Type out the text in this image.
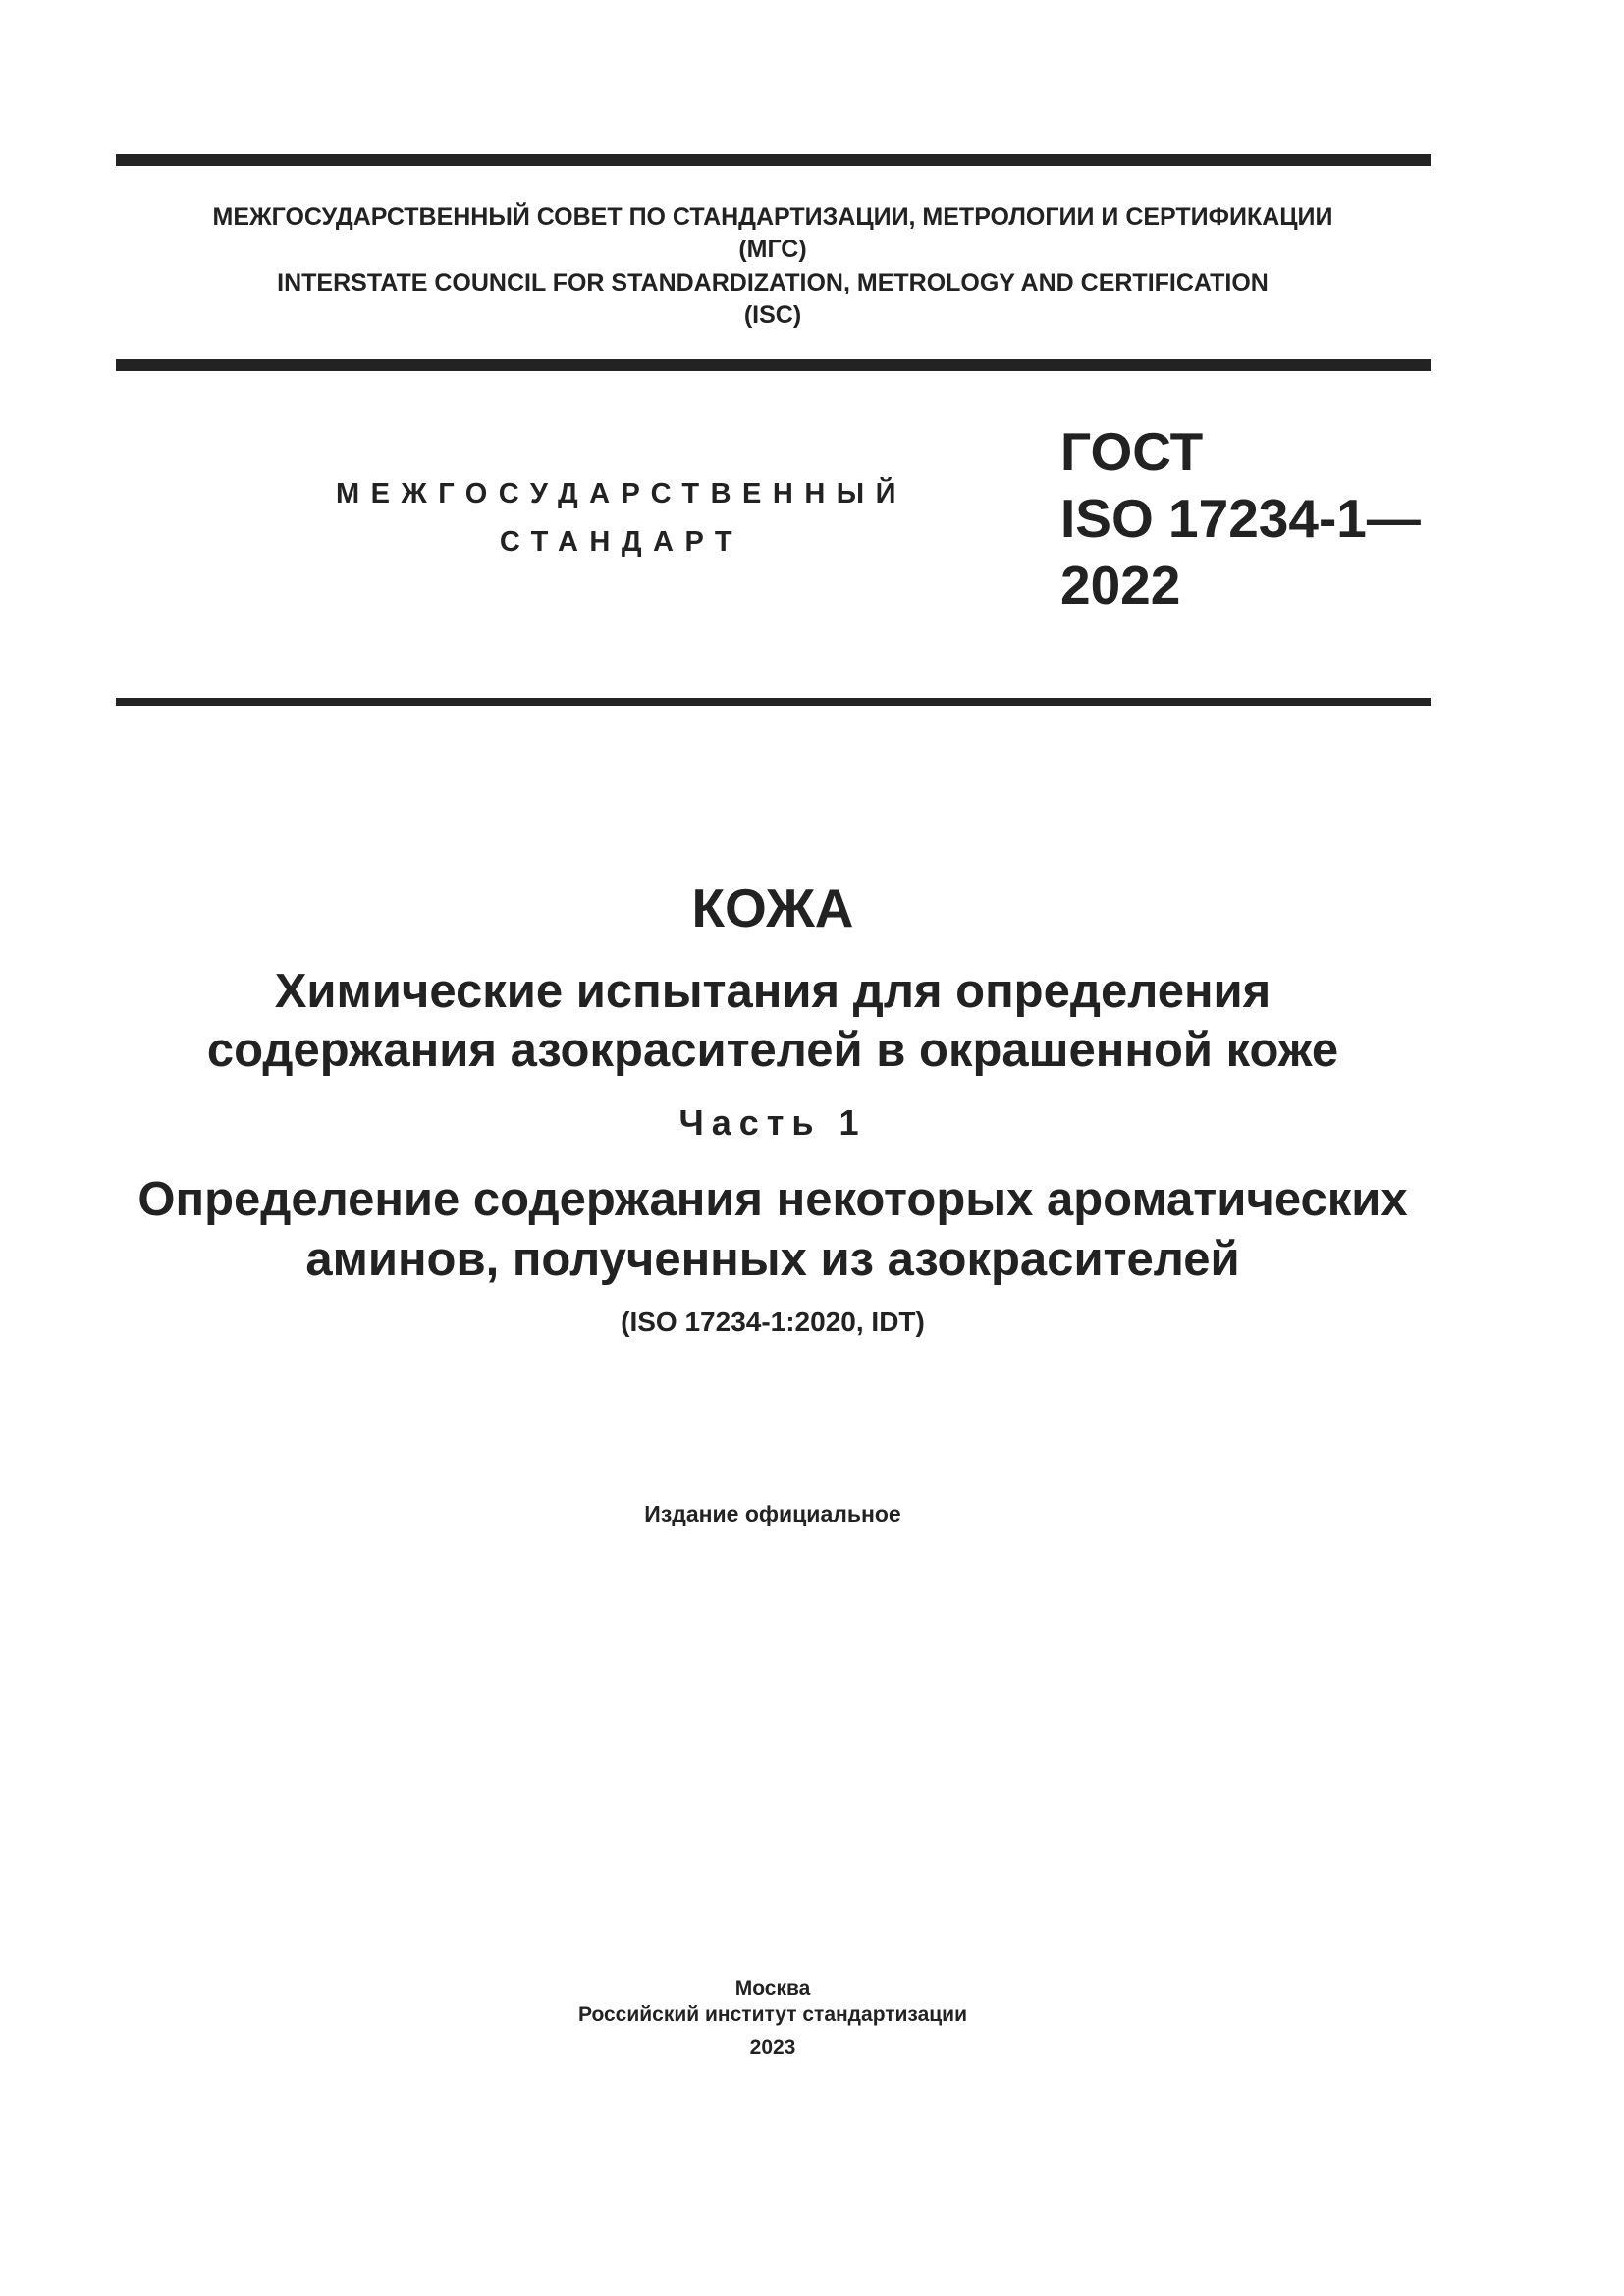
МЕЖГОСУДАРСТВЕННЫЙ СОВЕТ ПО СТАНДАРТИЗАЦИИ, МЕТРОЛОГИИ И СЕРТИФИКАЦИИ
(МГС)
INTERSTATE COUNCIL FOR STANDARDIZATION, METROLOGY AND CERTIFICATION
(ISC)
МЕЖГОСУДАРСТВЕННЫЙ
СТАНДАРТ
ГОСТ
ISO 17234-1—
2022
КОЖА
Химические испытания для определения
содержания азокрасителей в окрашенной коже
Часть 1
Определение содержания некоторых ароматических
аминов, полученных из азокрасителей
(ISO 17234-1:2020, IDT)
Издание официальное
Москва
Российский институт стандартизации
2023
